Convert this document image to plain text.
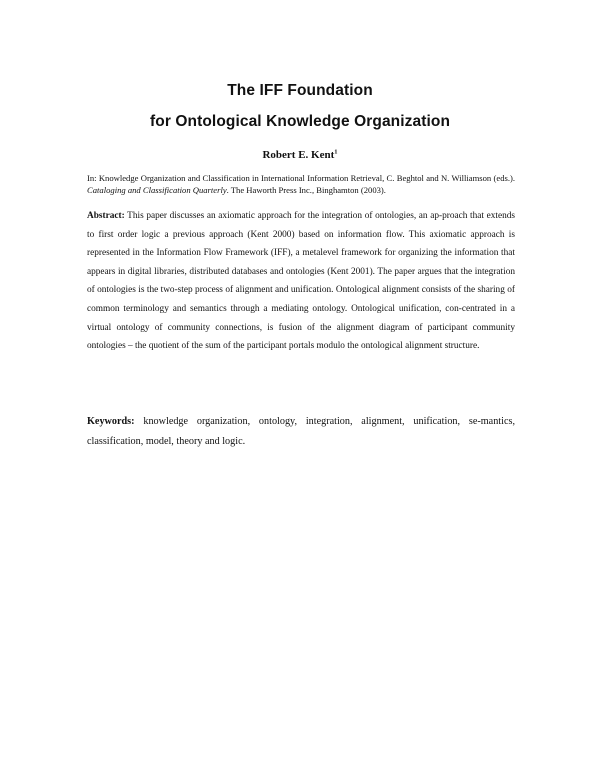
The IFF Foundation
for Ontological Knowledge Organization
Robert E. Kent$^1$
In: Knowledge Organization and Classification in International Information Retrieval, C. Beghtol and N. Williamson (eds.). Cataloging and Classification Quarterly. The Haworth Press Inc., Binghamton (2003).
Abstract: This paper discusses an axiomatic approach for the integration of ontologies, an ap-proach that extends to first order logic a previous approach (Kent 2000) based on information flow. This axiomatic approach is represented in the Information Flow Framework (IFF), a metalevel framework for organizing the information that appears in digital libraries, distributed databases and ontologies (Kent 2001). The paper argues that the integration of ontologies is the two-step process of alignment and unification. Ontological alignment consists of the sharing of common terminology and semantics through a mediating ontology. Ontological unification, con-centrated in a virtual ontology of community connections, is fusion of the alignment diagram of participant community ontologies – the quotient of the sum of the participant portals modulo the ontological alignment structure.
Keywords: knowledge organization, ontology, integration, alignment, unification, se-mantics, classification, model, theory and logic.
